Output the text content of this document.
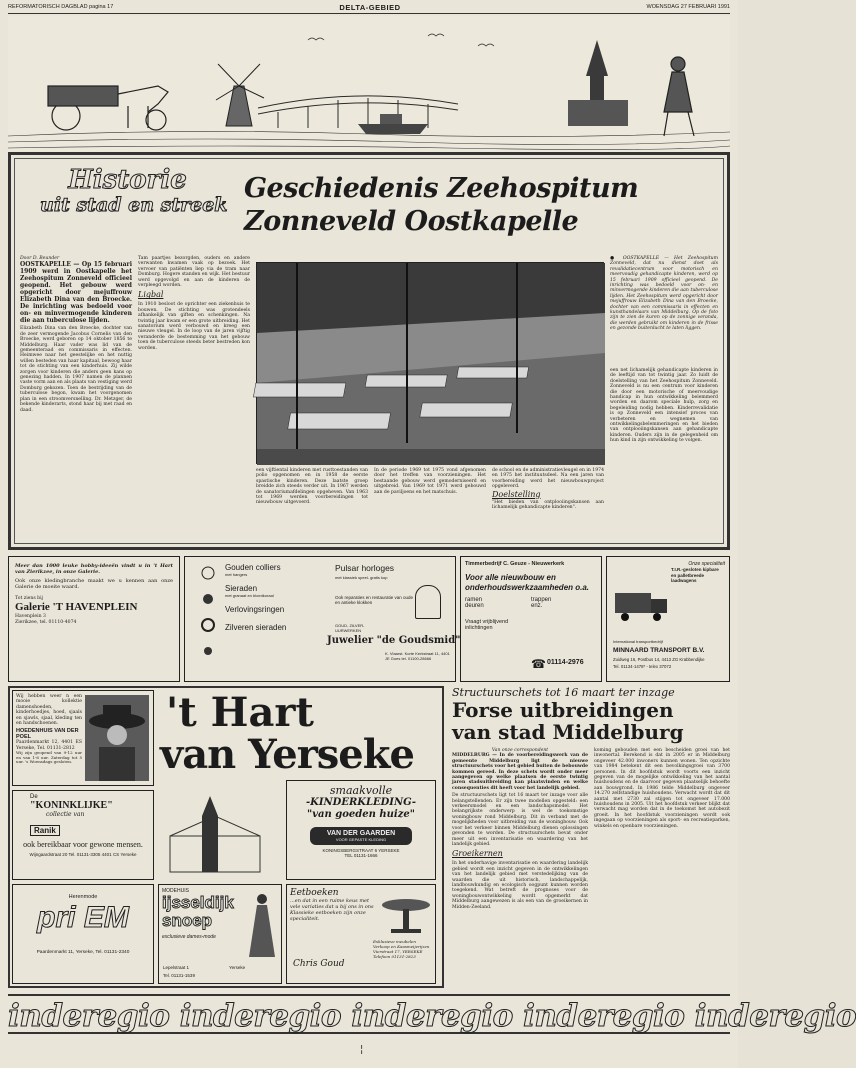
REFORMATORISCH DAGBLAD pagina 17	DELTA-GEBIED	WOENSDAG 27 FEBRUARI 1991
Historie
uit stad en streek
Geschiedenis Zeehospitum
Zonneveld Oostkapelle
Door D. Beunder
OOSTKAPELLE — Op 15 februari 1909 werd in Oostkapelle het Zeehospitum Zonneveld officieel geopend. Het gebouw werd opgericht door mejuffrouw Elizabeth Dina van den Broecke. De inrichting was bedoeld voor on- en minvermogende kinderen die aan tuberculose lijden.
Elizabeth Dina van den Broecke, dochter van de zeer vermogende Jacobus Cornelis van den Broecke, werd geboren op 14 oktober 1856 te Middelburg. Haar vader was lid van de gemeenteraad en commissaris in effecten. Heimwee naar het geestelijke en het nuttig willen besteden van haar kapitaal, bewoog haar tot de stichting van een kinderhuis. Zij wilde zorgen voor kinderen die anders geen kans op genezing hadden. In 1907 namen de plannen vaste vorm aan en als plaats van vestiging werd Domburg gekozen. Toen de bestrijding van de tuberculose begon, kwam het voorgenomen plan in een stroomversnelling. Dr. Metzger, de bekende kinderarts, stond haar bij met raad en daad.
Tam paartjes bezorgden, ouders en andere verwanten kwamen vaak op bezoek. Het vervoer van patiënten liep via de tram naar Domburg. Hogere standen en wijk. Het bestuur werd opgevolgd en aan de kinderen de verpleegd worden.
Ligbal
In 1910 besloot de oprichter een ziekenhuis te bouwen. De stichting was grotendeels afhankelijk van giften en schenkingen. Na twintig jaar kwam er een grote uitbreiding. Het sanatorium werd verbouwd en kreeg een nieuwe vleugel. In de loop van de jaren vijftig veranderde de bestemming van het gebouw toen de tuberculose steeds beter bestreden kon worden.
● OOSTKAPELLE — Het Zeehospitum Zonneveld, dat nu dienst doet als revalidatiecentrum voor motorisch en meervoudig gehandicapte kinderen, werd op 15 februari 1909 officieel geopend. De inrichting was bedoeld voor on- en minvermogende kinderen die aan tuberculose lijden. Het Zeehospitum werd opgericht door mejuffrouw Elizabeth Dina van den Broecke, dochter van een commissaris in effecten en kunsthandelaars van Middelburg. Op de foto zijn te zien de kuren op de zonnige veranda, die werden gebruikt om kinderen in de frisse en gezonde buitenlucht te laten liggen.
een net lichamelijk gehandicapte kinderen in de leeftijd van tot twintig jaar. Zo luidt de doelstelling van het Zeehospitum Zonneveld. Zonneveld is nu een centrum voor kinderen die door een motorische of meervoudige handicap in hun ontwikkeling belemmerd worden en daarom speciale hulp, zorg en begeleiding nodig hebben. Kinderrevalidatie is op Zonneveld een intensief proces van verbeteren en wegnemen van ontwikkelingsbelemmeringen en het bieden van ontplooiingskansen aan gehandicapte kinderen. Ouders zijn in de gelegenheid om hun kind in zijn ontwikkeling te volgen.
een vijftiental kinderen met rusttoestanden van polio opgenomen en in 1958 de eerste spastische kinderen. Deze laatste groep breidde zich steeds verder uit. In 1967 werden de sanatoriumafdelingen opgeheven. Van 1963 tot 1969 werden voorbereidingen tot nieuwbouw uitgevoerd.
In de periode 1969 tot 1975 vond afgenomen door het treffen van voorzieningen. Het bestaande gebouw werd gemoderniseerd en uitgebreid. Van 1969 tot 1971 werd gebouwd aan de paviljoens en het matschuis.
de school en de administratievleugel en in 1974 en 1975 het instituutsdeel. Na een jaren van voorbereiding werd het nieuwbouwproject opgeleverd.
Doelstelling
"Het bieden van ontplooiingskansen aan lichamelijk gehandicapte kinderen".
Meer dan 1000 leuke hobby-ideeën vindt u in 't Hart van Zierikzee, in onze Galerie.
Ook onze kledingbranche maakt we u kennen aan onze Galerie de moeite waard.
Tot ziens bij
Galerie 'T HAVENPLEIN
Havenplein 3
Zierikzee, tel. 01110-4074
Gouden colliers
met hangers
Sieraden
met granaat en bloedkoraal
Verlovingsringen
Zilveren sieraden
Pulsar horloges
met klassiek speel- gratis kop
Ook reparaties en restauratie van oude en antieke klokken
GOUD- ZILVER- UURWERKEN
Juwelier "de Goudsmid"
K. Vlaarst. Korte Kerkstraat 11, 4401 JE Goes tel. 01100-28666
Timmerbedrijf C. Geuze - Nieuwerkerk
Voor alle nieuwbouw en onderhoudswerkzaamheden o.a.
ramen	trappen
deuren	enz.
Vraagt vrijblijvend inlichtingen
☎ 01114-2976
Onze specialiteit
T.I.R.-gesloten kipbare en palletbreede laadwagens
International transportbedrijf
MINNAARD TRANSPORT B.V.
Zuidweg 16, Postbus 14, 4413 ZG Krabbendijke
Tel. 01134-1478* - telex 37072
Wij hebben weer n een mooie kollektie damenshoeden, kinderhoedjes, hoed, sjaals en sjawls, sjaal, kleding ten en handschoenen.
HOEDENHUIS VAN DER POEL
Paardenmarkt 12, 4401 ES Yerseke, Tel. 01131-2812
Wij zijn geopend van 9-12 uur en van 1-6 uur. Zaterdag tot 5 uur. 's Woensdags gesloten.
De
"KONINKLIJKE"
collectie van
Ranik
ook bereikbaar voor gewone mensen.
Wijngaardstraat 20 Tel. 01131-3305 4401 CS Yerseke
't Hart
van Yerseke
smaakvolle
-KINDERKLEDING-
"van goeden huize"
VAN DER GAARDEN
VOOR GEPASTE KLEDING
KONINGSBERGSTRAAT 6 YERSEKE
TEL 01131-1666
Herenmode
pri EM
Paardenmarkt 11, Yerseke, Tel. 01131-2340
MODEHUIS
ijsseldijk snoep
exclusieve dames-mode
Lepelstraat 1	Yerseke
Tel. 01131-1539
Eetboeken
...en dat in een ruime keus met vele variaties dat u bij ons in ons Klassieke eetboeken zijn onze specialiteit.
Chris Goud
Exklusieve meubelen Verkoop en Kaasmeijerijzen Vierstraat 17, YERSEKE Telefoon 01131-2823
Structuurschets tot 16 maart ter inzage
Forse uitbreidingen
van stad Middelburg
Van onze correspondent
MIDDELBURG — In de voorbereidingswerk van de gemeente Middelburg ligt de nieuwe structuurschets voor het gebied buiten de bebouwde kommen gereed. In deze schets wordt onder meer aangegeven op welke plaatsen de eerste twintig jaren stadsuitbreiding kan plaatsvinden en welke consequenties dit heeft voor het landelijk gebied.
De structuurschets ligt tot 16 maart ter inzage voor alle belangstellenden. Er zijn twee modellen opgesteld: een verkeersmodel en een landschapsmodel. Het belangrijkste onderwerp is wel de toekomstige woningbouw rond Middelburg. Dit in verband met de mogelijkheden voor uitbreiding van de woningbouw. Ook voor het verkeer binnen Middelburg dienen oplossingen gevonden te worden. De structuurschets bevat onder meer uit een inventarisatie en waardering van het landelijk gebied.
Groeikernen
In het onderhavige inventarisatie en waardering landelijk gebied wordt een inzicht gegeven in de ontwikkelingen van het landelijk gebied met verstedelijking van de waarden die uit historisch, landschappelijk, landbouwkundig en ecologisch oogpunt kunnen worden toegekend. Wat betreft de prognoses voor de woningbouwontwikkeling wordt opgemerkt dat Middelburg aangewezen is als een van de groeikernen in Midden-Zeeland.
koming gebouden met een bescheiden groei van het inwonertal. Berekend is dat in 2005 er in Middelburg ongeveer 42.000 inwoners kunnen wonen. Ten opzichte van 1984 betekent dit een bevolkingsgroei van 3700 personen. In dit hoofdstuk wordt voorts een inzicht gegeven van de mogelijke ontwikkeling van het aantal huishoudens en de daarvoor gegeven plaatselijk behoefte aan bouwgrond. In 1986 telde Middelburg ongeveer 14.270 zelfstandige huishoudens. Verwacht wordt dat dit aantal met 2730 zal stijgen tot ongeveer 17.000 huishoudens in 2005. Uit het hoofdstuk verkeer blijkt dat verwacht mag worden dat in de toekomst het autobezit groeit. In het hoofdstuk voorzieningen wordt ook ingegaan op voorzieningen als sport- en recreatieparken, winkels en openbare voorzieningen.
inderegio inderegio inderegio inderegio inderegio
¦
